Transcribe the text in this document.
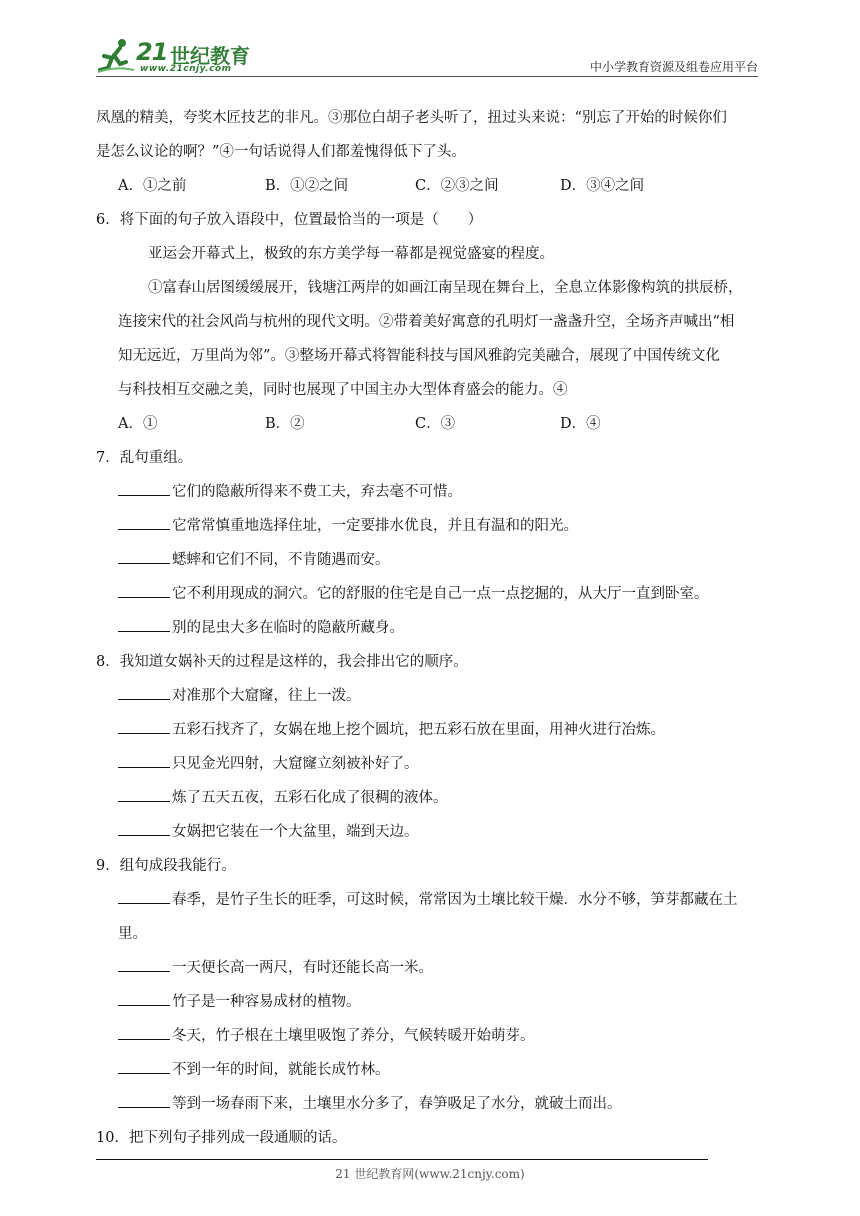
21 世纪教育
www.21cnjy.com	中小学教育资源及组卷应用平台
凤凰的精美，夸奖木匠技艺的非凡。③那位白胡子老头听了，扭过头来说：“别忘了开始的时候你们
是怎么议论的啊？”④一句话说得人们都羞愧得低下了头。
A．①之前	B．①②之间	C．②③之间	D．③④之间
6．将下面的句子放入语段中，位置最恰当的一项是（　　）
亚运会开幕式上，极致的东方美学每一幕都是视觉盛宴的程度。
①富春山居图缓缓展开，钱塘江两岸的如画江南呈现在舞台上，全息立体影像构筑的拱辰桥，
连接宋代的社会风尚与杭州的现代文明。②带着美好寓意的孔明灯一盏盏升空，全场齐声喊出“相
知无远近，万里尚为邻”。③整场开幕式将智能科技与国风雅韵完美融合，展现了中国传统文化
与科技相互交融之美，同时也展现了中国主办大型体育盛会的能力。④
A．①	B．②	C．③	D．④
7．乱句重组。
它们的隐蔽所得来不费工夫，弃去毫不可惜。
它常常慎重地选择住址，一定要排水优良，并且有温和的阳光。
蟋蟀和它们不同，不肯随遇而安。
它不利用现成的洞穴。它的舒服的住宅是自己一点一点挖掘的，从大厅一直到卧室。
别的昆虫大多在临时的隐蔽所藏身。
8．我知道女娲补天的过程是这样的，我会排出它的顺序。
对准那个大窟窿，往上一泼。
五彩石找齐了，女娲在地上挖个圆坑，把五彩石放在里面，用神火进行冶炼。
只见金光四射，大窟窿立刻被补好了。
炼了五天五夜，五彩石化成了很稠的液体。
女娲把它装在一个大盆里，端到天边。
9．组句成段我能行。
春季，是竹子生长的旺季，可这时候，常常因为土壤比较干燥．水分不够，笋芽都藏在土
里。
一天便长高一两尺，有时还能长高一米。
竹子是一种容易成材的植物。
冬天，竹子根在土壤里吸饱了养分，气候转暖开始萌芽。
不到一年的时间，就能长成竹林。
等到一场春雨下来，土壤里水分多了，春笋吸足了水分，就破土而出。
10．把下列句子排列成一段通顺的话。
21 世纪教育网(www.21cnjy.com)
